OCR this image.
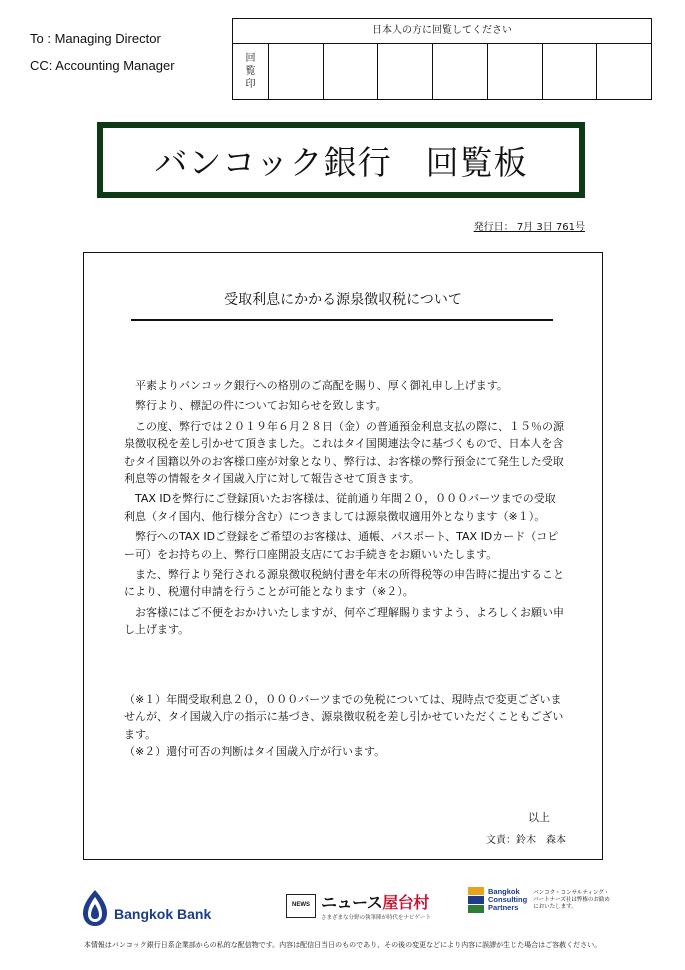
To : Managing Director
CC: Accounting Manager
日本人の方に回覧してください
回
覧
印
バンコック銀行　回覧板
発行日： 7月 3日 761号
受取利息にかかる源泉徴収税について

平素よりバンコック銀行への格別のご高配を賜り、厚く御礼申し上げます。

弊行より、標記の件についてお知らせを致します。

この度、弊行では２０１９年６月２８日（金）の普通預金利息支払の際に、１５％の源泉徴収税を差し引かせて頂きました。これはタイ国関連法令に基づくもので、日本人を含むタイ国籍以外のお客様口座が対象となり、弊行は、お客様の弊行預金にて発生した受取利息等の情報をタイ国歳入庁に対して報告させて頂きます。

TAX IDを弊行にご登録頂いたお客様は、従前通り年間２０，０００バーツまでの受取利息（タイ国内、他行様分含む）につきましては源泉徴収適用外となります（※１）。

弊行へのTAX IDご登録をご希望のお客様は、通帳、パスポート、TAX IDカード（コピー可）をお持ちの上、弊行口座開設支店にてお手続きをお願いいたします。

また、弊行より発行される源泉徴収税納付書を年末の所得税等の申告時に提出することにより、税還付申請を行うことが可能となります（※２）。

お客様にはご不便をおかけいたしますが、何卒ご理解賜りますよう、よろしくお願い申し上げます。

（※１）年間受取利息２０，０００バーツまでの免税については、現時点で変更ございませんが、タイ国歳入庁の指示に基づき、源泉徴収税を差し引かせていただくこともございます。

（※２）還付可否の判断はタイ国歳入庁が行います。

以上
文責：鈴木　森本
Bangkok Bank
NEWS ニュース屋台村
さまざまな分野の執筆陣が時代をナビゲート
Bangkok
Consulting
Partners
バンコク・コンサルティング・
パートナーズ社は弊権のお勧め
においたします。
本情報はバンコック銀行日系企業部からの私的な配信物です。内容は配信日当日のものであり、その後の変更などにより内容に誤謬が生じた場合はご容赦ください。
